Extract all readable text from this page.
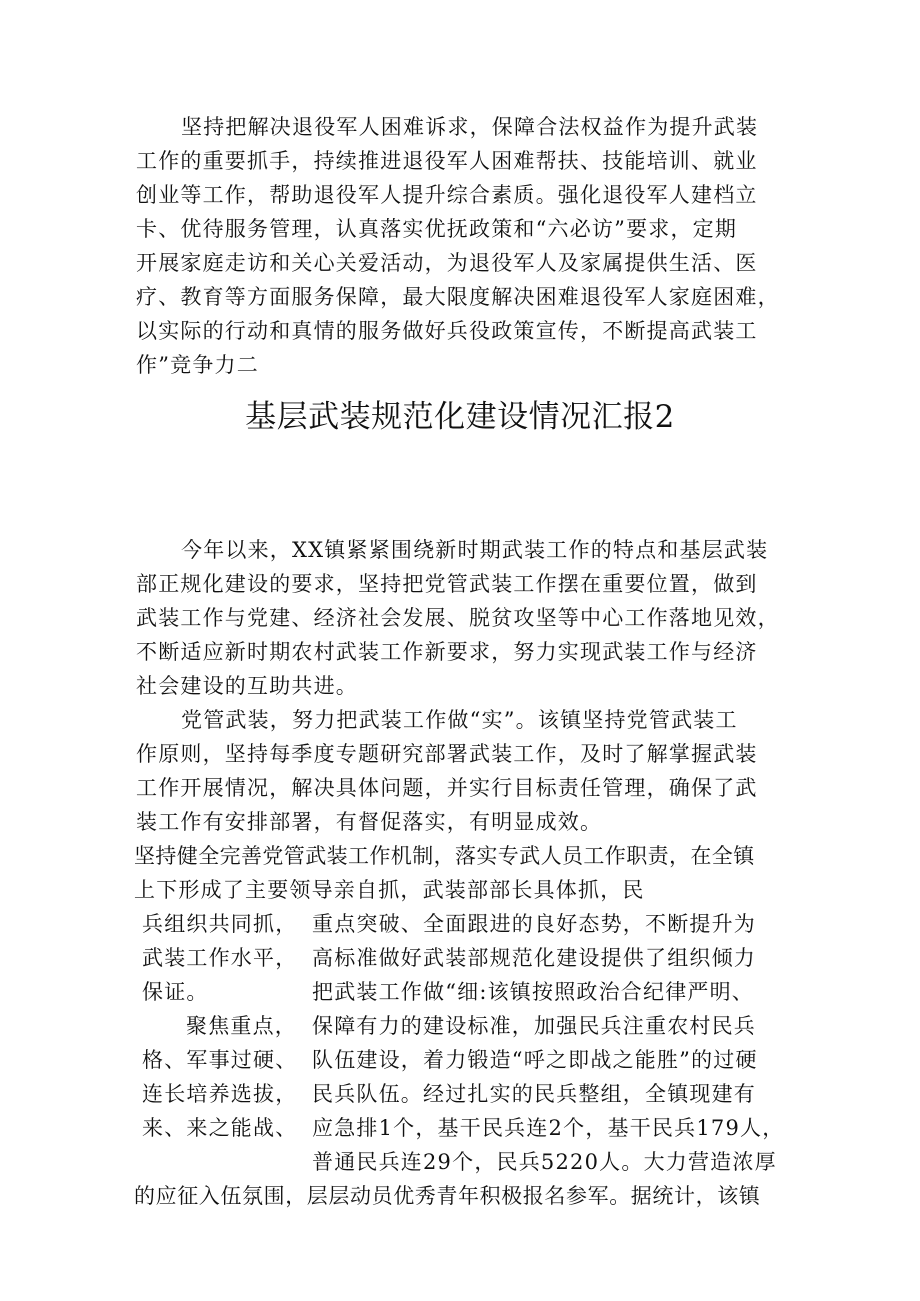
坚持把解决退役军人困难诉求，保障合法权益作为提升武装
工作的重要抓手，持续推进退役军人困难帮扶、技能培训、就业
创业等工作，帮助退役军人提升综合素质。强化退役军人建档立
卡、优待服务管理，认真落实优抚政策和“六必访”要求，定期
开展家庭走访和关心关爱活动，为退役军人及家属提供生活、医
疗、教育等方面服务保障，最大限度解决困难退役军人家庭困难，
以实际的行动和真情的服务做好兵役政策宣传，不断提高武装工
作”竞争力二
基层武装规范化建设情况汇报2
今年以来，XX镇紧紧围绕新时期武装工作的特点和基层武装
部正规化建设的要求，坚持把党管武装工作摆在重要位置，做到
武装工作与党建、经济社会发展、脱贫攻坚等中心工作落地见效，
不断适应新时期农村武装工作新要求，努力实现武装工作与经济
社会建设的互助共进。
党管武装，努力把武装工作做“实”。该镇坚持党管武装工
作原则，坚持每季度专题研究部署武装工作，及时了解掌握武装
工作开展情况，解决具体问题，并实行目标责任管理，确保了武
装工作有安排部署，有督促落实，有明显成效。
坚持健全完善党管武装工作机制，落实专武人员工作职责，在全镇
上下形成了主要领导亲自抓，武装部部长具体抓，民
兵组织共同抓，
武装工作水平，
保证。
聚焦重点，
格、军事过硬、
连长培养选拔，
来、来之能战、
重点突破、全面跟进的良好态势，不断提升为
高标准做好武装部规范化建设提供了组织倾力
把武装工作做“细:该镇按照政治合纪律严明、
保障有力的建设标准，加强民兵注重农村民兵
队伍建设，着力锻造“呼之即战之能胜”的过硬
民兵队伍。经过扎实的民兵整组，全镇现建有
应急排1个，基干民兵连2个，基干民兵179人，
普通民兵连29个，民兵5220人。大力营造浓厚
的应征入伍氛围，层层动员优秀青年积极报名参军。据统计，该镇
